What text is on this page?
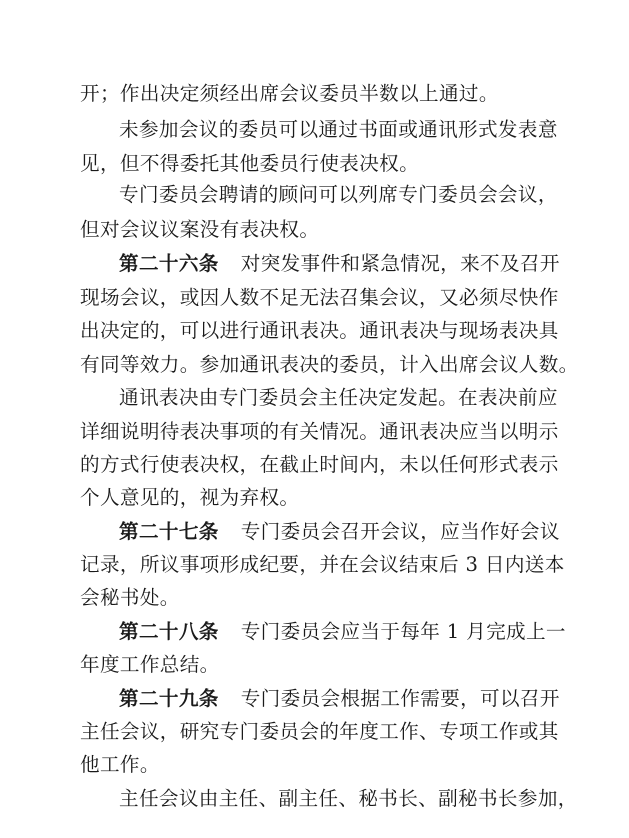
开；作出决定须经出席会议委员半数以上通过。
未参加会议的委员可以通过书面或通讯形式发表意
见，但不得委托其他委员行使表决权。
专门委员会聘请的顾问可以列席专门委员会会议，
但对会议议案没有表决权。
第二十六条 对突发事件和紧急情况，来不及召开
现场会议，或因人数不足无法召集会议，又必须尽快作
出决定的，可以进行通讯表决。通讯表决与现场表决具
有同等效力。参加通讯表决的委员，计入出席会议人数。
通讯表决由专门委员会主任决定发起。在表决前应
详细说明待表决事项的有关情况。通讯表决应当以明示
的方式行使表决权，在截止时间内，未以任何形式表示
个人意见的，视为弃权。
第二十七条 专门委员会召开会议，应当作好会议
记录，所议事项形成纪要，并在会议结束后 3 日内送本
会秘书处。
第二十八条 专门委员会应当于每年 1 月完成上一
年度工作总结。
第二十九条 专门委员会根据工作需要，可以召开
主任会议，研究专门委员会的年度工作、专项工作或其
他工作。
主任会议由主任、副主任、秘书长、副秘书长参加，
